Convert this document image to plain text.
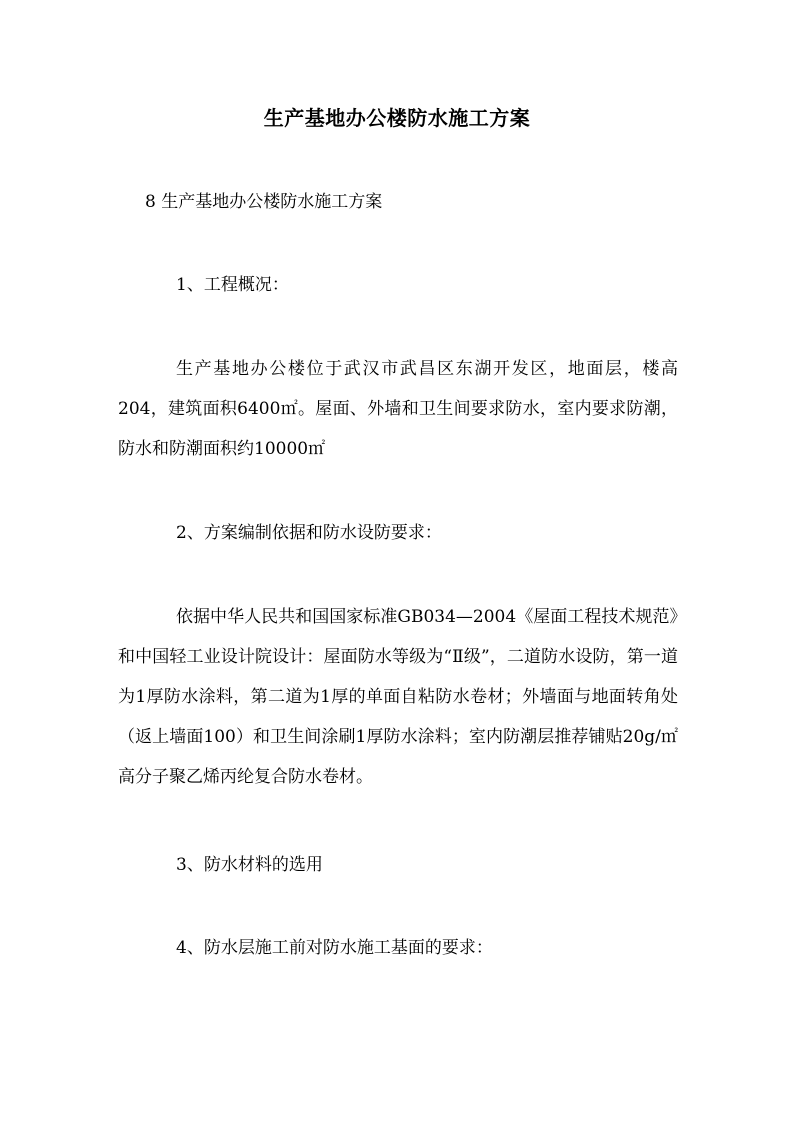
生产基地办公楼防水施工方案
8 生产基地办公楼防水施工方案
1、工程概况：
生产基地办公楼位于武汉市武昌区东湖开发区，地面层，楼高204，建筑面积6400㎡。屋面、外墙和卫生间要求防水，室内要求防潮，防水和防潮面积约10000㎡
2、方案编制依据和防水设防要求：
依据中华人民共和国国家标准GB034—2004《屋面工程技术规范》和中国轻工业设计院设计：屋面防水等级为“Ⅱ级”，二道防水设防，第一道为1厚防水涂料，第二道为1厚的单面自粘防水卷材；外墙面与地面转角处（返上墙面100）和卫生间涂刷1厚防水涂料；室内防潮层推荐铺贴20g/㎡高分子聚乙烯丙纶复合防水卷材。
3、防水材料的选用
4、防水层施工前对防水施工基面的要求：
